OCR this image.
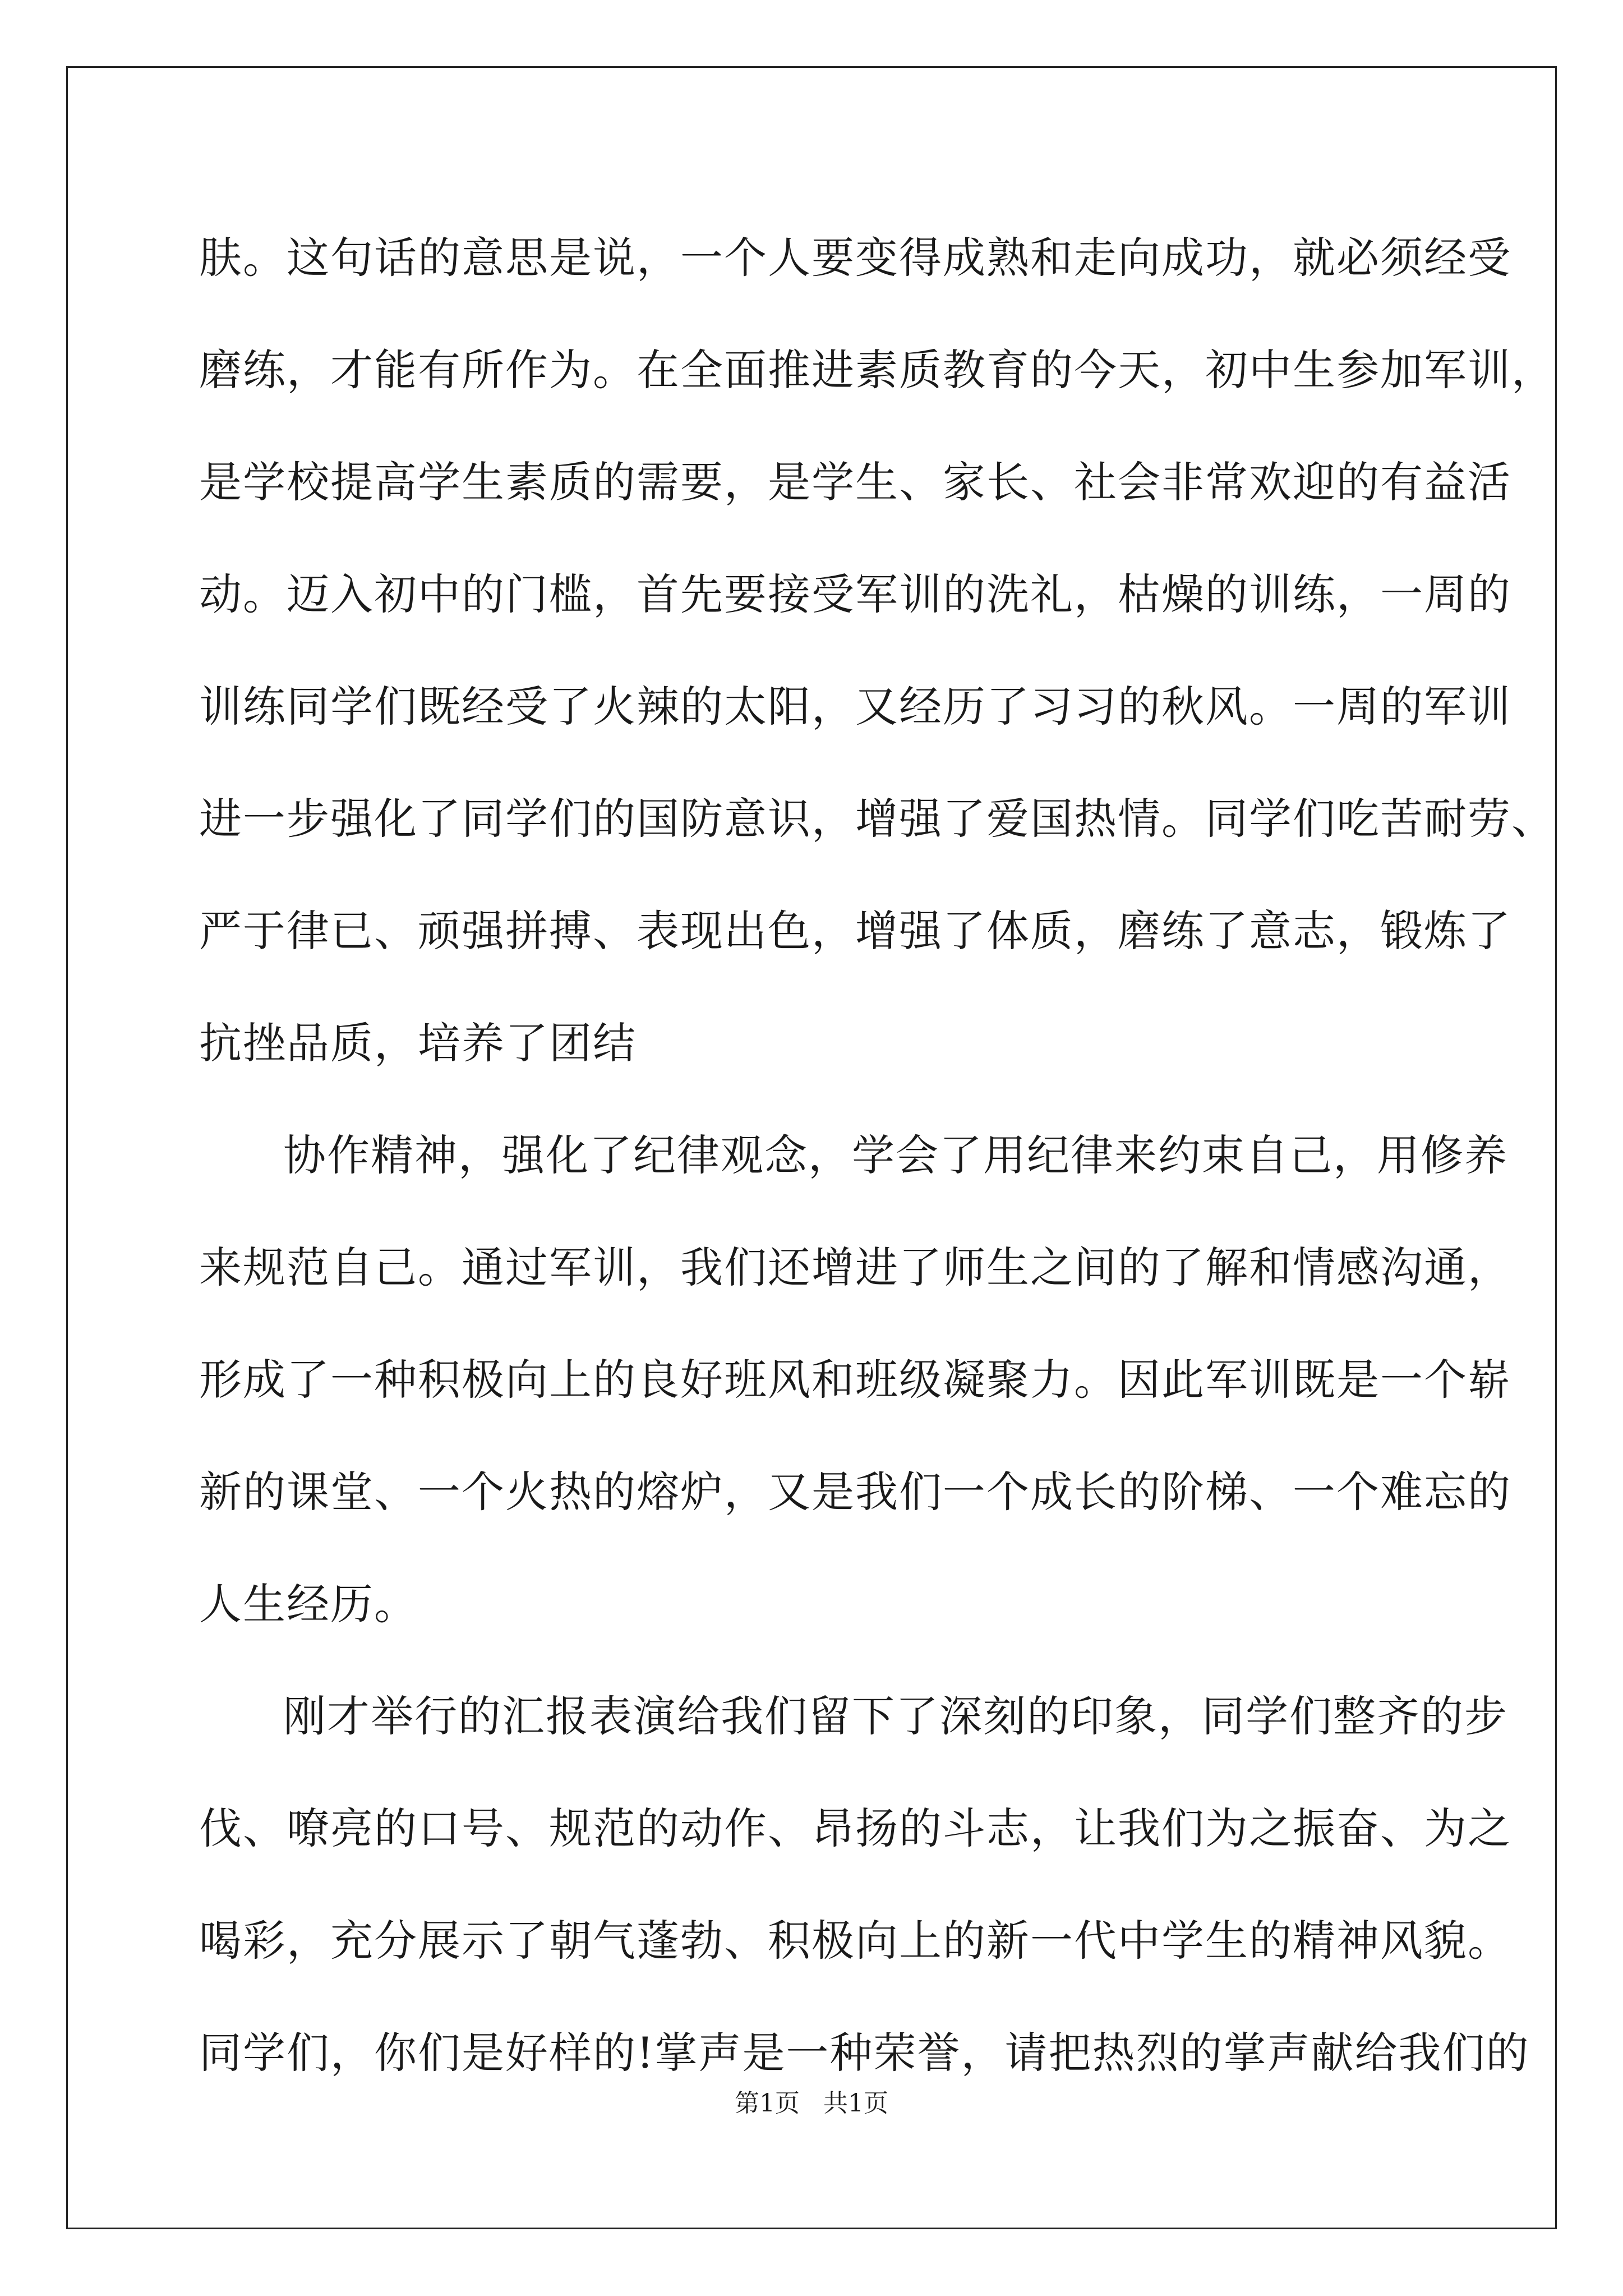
肤。这句话的意思是说，一个人要变得成熟和走向成功，就必须经受
磨练，才能有所作为。在全面推进素质教育的今天，初中生参加军训，
是学校提高学生素质的需要，是学生、家长、社会非常欢迎的有益活
动。迈入初中的门槛，首先要接受军训的洗礼，枯燥的训练，一周的
训练同学们既经受了火辣的太阳，又经历了习习的秋风。一周的军训
进一步强化了同学们的国防意识，增强了爱国热情。同学们吃苦耐劳、
严于律已、顽强拼搏、表现出色，增强了体质，磨练了意志，锻炼了
抗挫品质，培养了团结
协作精神，强化了纪律观念，学会了用纪律来约束自己，用修养
来规范自己。通过军训，我们还增进了师生之间的了解和情感沟通，
形成了一种积极向上的良好班风和班级凝聚力。因此军训既是一个崭
新的课堂、一个火热的熔炉，又是我们一个成长的阶梯、一个难忘的
人生经历。
刚才举行的汇报表演给我们留下了深刻的印象，同学们整齐的步
伐、嘹亮的口号、规范的动作、昂扬的斗志，让我们为之振奋、为之
喝彩，充分展示了朝气蓬勃、积极向上的新一代中学生的精神风貌。
同学们，你们是好样的!掌声是一种荣誉，请把热烈的掌声献给我们的
第1页   共1页
